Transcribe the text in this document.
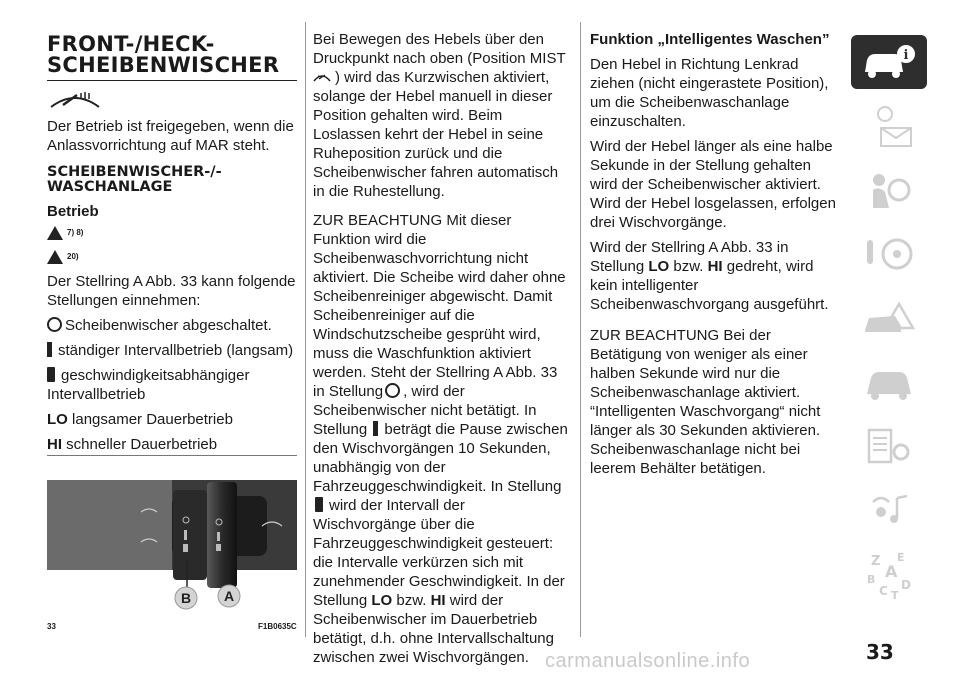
FRONT-/HECK-
SCHEIBENWISCHER

Der Betrieb ist freigegeben, wenn die Anlassvorrichtung auf MAR steht.

SCHEIBENWISCHER-/-
WASCHANLAGE
Betrieb
7) 8)
20)

Der Stellring A Abb. 33 kann folgende Stellungen einnehmen:

Scheibenwischer abgeschaltet.

ständiger Intervallbetrieb (langsam)

geschwindigkeitsabhängiger Intervallbetrieb

LO langsamer Dauerbetrieb

HI schneller Dauerbetrieb

B A
33	F1B0635C

Bei Bewegen des Hebels über den Druckpunkt nach oben (Position MIST ) wird das Kurzwischen aktiviert, solange der Hebel manuell in dieser Position gehalten wird. Beim Loslassen kehrt der Hebel in seine Ruheposition zurück und die Scheibenwischer fahren automatisch in die Ruhestellung.

ZUR BEACHTUNG Mit dieser Funktion wird die Scheibenwaschvorrichtung nicht aktiviert. Die Scheibe wird daher ohne Scheibenreiniger abgewischt. Damit Scheibenreiniger auf die Windschutzscheibe gesprüht wird, muss die Waschfunktion aktiviert werden. Steht der Stellring A Abb. 33 in Stellung , wird der Scheibenwischer nicht betätigt. In Stellung beträgt die Pause zwischen den Wischvorgängen 10 Sekunden, unabhängig von der Fahrzeuggeschwindigkeit. In Stellung wird der Intervall der Wischvorgänge über die Fahrzeuggeschwindigkeit gesteuert: die Intervalle verkürzen sich mit zunehmender Geschwindigkeit. In der Stellung LO bzw. HI wird der Scheibenwischer im Dauerbetrieb betätigt, d.h. ohne Intervallschaltung zwischen zwei Wischvorgängen.

Funktion „Intelligentes Waschen”

Den Hebel in Richtung Lenkrad ziehen (nicht eingerastete Position), um die Scheibenwaschanlage einzuschalten.

Wird der Hebel länger als eine halbe Sekunde in der Stellung gehalten wird der Scheibenwischer aktiviert. Wird der Hebel losgelassen, erfolgen drei Wischvorgänge.

Wird der Stellring A Abb. 33 in Stellung LO bzw. HI gedreht, wird kein intelligenter Scheibenwaschvorgang ausgeführt.

ZUR BEACHTUNG Bei der Betätigung von weniger als einer halben Sekunde wird nur die Scheibenwaschanlage aktiviert. “Intelligenten Waschvorgang“ nicht länger als 30 Sekunden aktivieren. Scheibenwaschanlage nicht bei leerem Behälter betätigen.

i
Z E
A
B
C D
T
33
carmanualsonline.info
